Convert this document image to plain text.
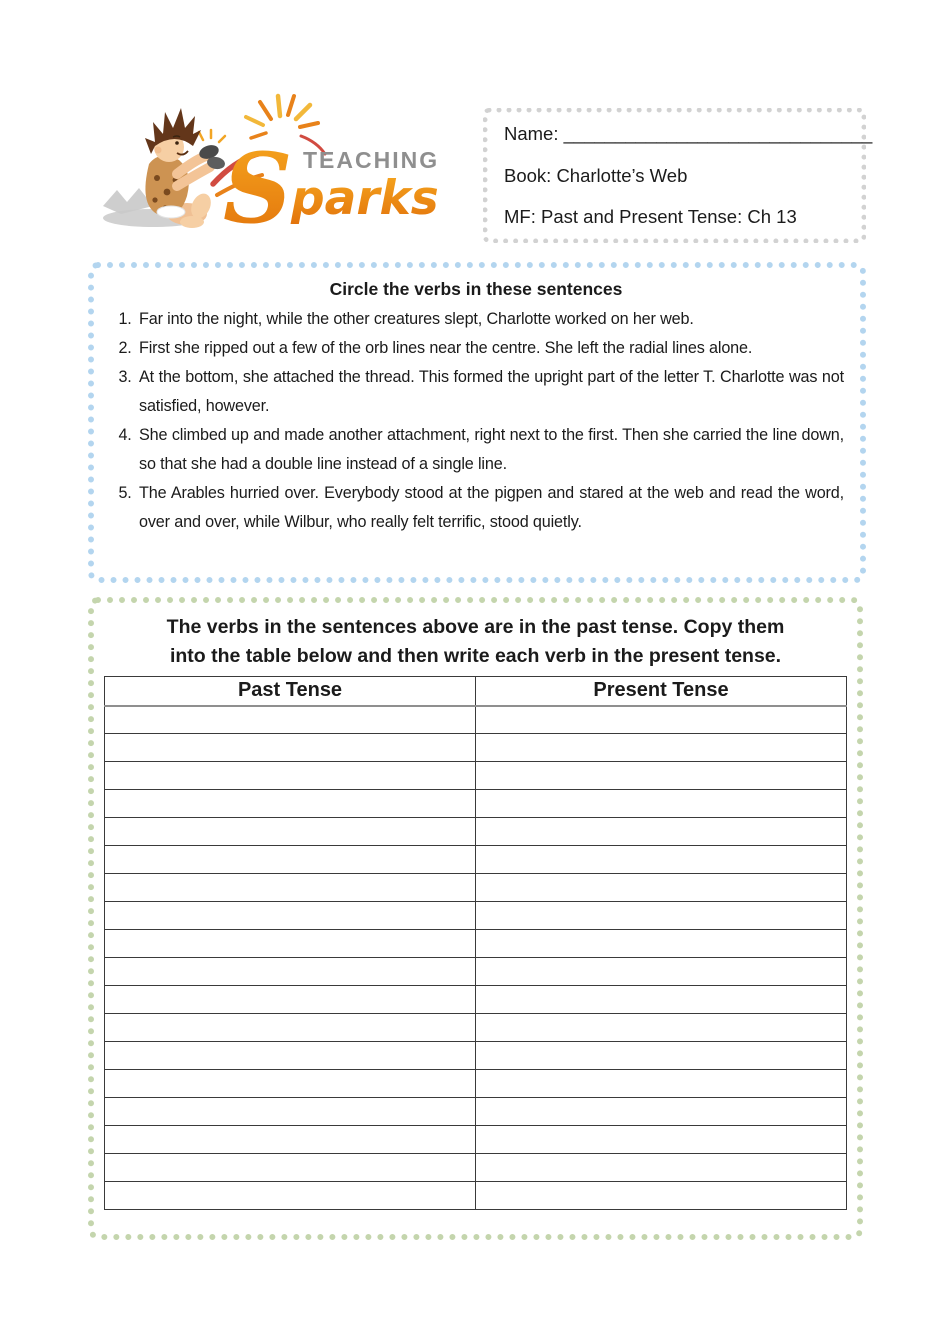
S TEACHING
parks

Name: ______________________________

Book: Charlotte’s Web

MF: Past and Present Tense: Ch 13

Circle the verbs in these sentences
1. Far into the night, while the other creatures slept, Charlotte worked on her web.
2. First she ripped out a few of the orb lines near the centre. She left the radial lines alone.
3. At the bottom, she attached the thread. This formed the upright part of the letter T. Charlotte was not satisfied, however.
4. She climbed up and made another attachment, right next to the first. Then she carried the line down, so that she had a double line instead of a single line.
5. The Arables hurried over. Everybody stood at the pigpen and stared at the web and read the word, over and over, while Wilbur, who really felt terrific, stood quietly.
The verbs in the sentences above are in the past tense. Copy them
into the table below and then write each verb in the present tense.
Past Tense	Present Tense
